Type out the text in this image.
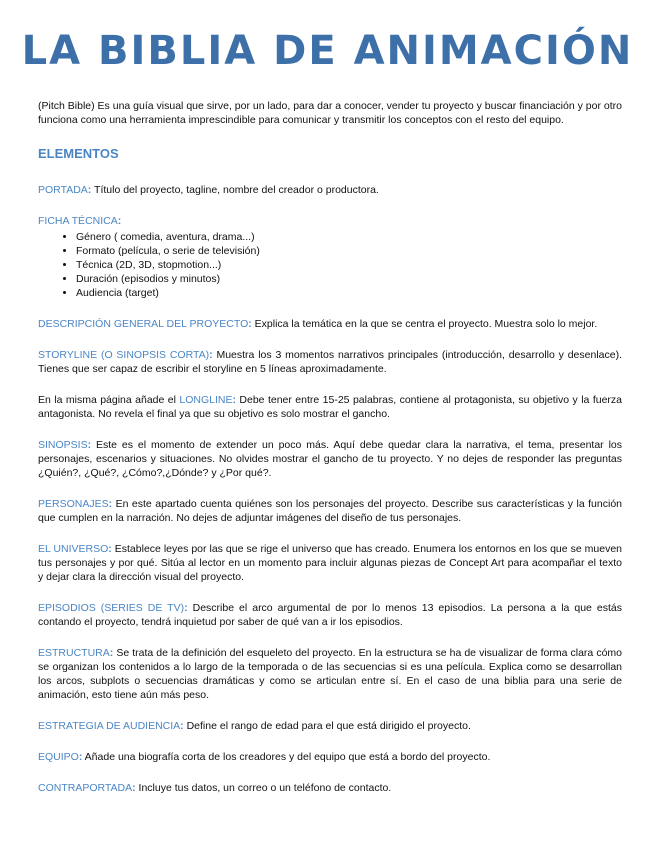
LA BIBLIA DE ANIMACIÓN

(Pitch Bible) Es una guía visual que sirve, por un lado, para dar a conocer, vender tu proyecto y buscar financiación y por otro funciona como una herramienta imprescindible para comunicar y transmitir los conceptos con el resto del equipo.

ELEMENTOS

PORTADA: Título del proyecto, tagline, nombre del creador o productora.

FICHA TÉCNICA:
• Género ( comedia, aventura, drama...)
• Formato (película, o serie de televisión)
• Técnica (2D, 3D, stopmotion...)
• Duración (episodios y minutos)
• Audiencia (target)

DESCRIPCIÓN GENERAL DEL PROYECTO: Explica la temática en la que se centra el proyecto. Muestra solo lo mejor.

STORYLINE (O SINOPSIS CORTA): Muestra los 3 momentos narrativos principales (introducción, desarrollo y desenlace). Tienes que ser capaz de escribir el storyline en 5 líneas aproximadamente.

En la misma página añade el LONGLINE: Debe tener entre 15-25 palabras, contiene al protagonista, su objetivo y la fuerza antagonista. No revela el final ya que su objetivo es solo mostrar el gancho.

SINOPSIS: Este es el momento de extender un poco más. Aquí debe quedar clara la narrativa, el tema, presentar los personajes, escenarios y situaciones. No olvides mostrar el gancho de tu proyecto. Y no dejes de responder las preguntas ¿Quién?, ¿Qué?, ¿Cómo?,¿Dónde? y ¿Por qué?.

PERSONAJES: En este apartado cuenta quiénes son los personajes del proyecto. Describe sus características y la función que cumplen en la narración. No dejes de adjuntar imágenes del diseño de tus personajes.

EL UNIVERSO: Establece leyes por las que se rige el universo que has creado. Enumera los entornos en los que se mueven tus personajes y por qué. Sitúa al lector en un momento para incluir algunas piezas de Concept Art para acompañar el texto y dejar clara la dirección visual del proyecto.

EPISODIOS (SERIES DE TV): Describe el arco argumental de por lo menos 13 episodios. La persona a la que estás contando el proyecto, tendrá inquietud por saber de qué van a ir los episodios.

ESTRUCTURA: Se trata de la definición del esqueleto del proyecto. En la estructura se ha de visualizar de forma clara cómo se organizan los contenidos a lo largo de la temporada o de las secuencias si es una película. Explica como se desarrollan los arcos, subplots o secuencias dramáticas y como se articulan entre sí. En el caso de una biblia para una serie de animación, esto tiene aún más peso.

ESTRATEGIA DE AUDIENCIA: Define el rango de edad para el que está dirigido el proyecto.

EQUIPO: Añade una biografía corta de los creadores y del equipo que está a bordo del proyecto.

CONTRAPORTADA: Incluye tus datos, un correo o un teléfono de contacto.
